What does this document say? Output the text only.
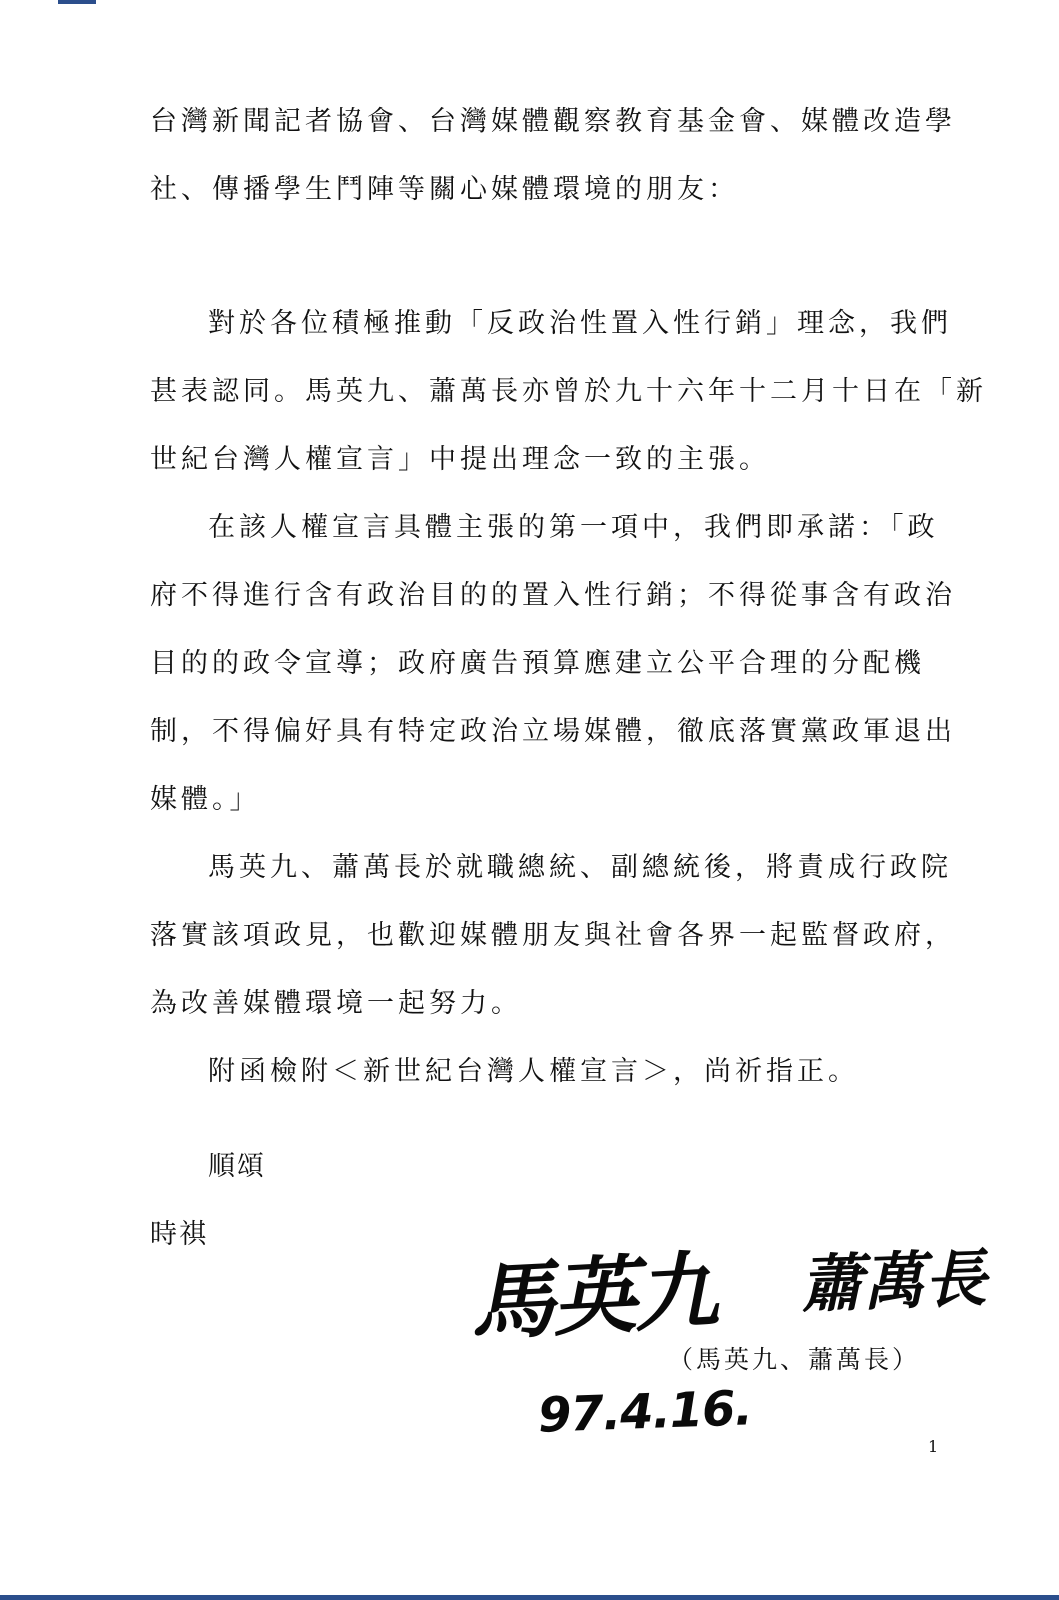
台灣新聞記者協會、台灣媒體觀察教育基金會、媒體改造學
社、傳播學生鬥陣等關心媒體環境的朋友：
對於各位積極推動「反政治性置入性行銷」理念，我們
甚表認同。馬英九、蕭萬長亦曾於九十六年十二月十日在「新
世紀台灣人權宣言」中提出理念一致的主張。
在該人權宣言具體主張的第一項中，我們即承諾：「政
府不得進行含有政治目的的置入性行銷；不得從事含有政治
目的的政令宣導；政府廣告預算應建立公平合理的分配機
制，不得偏好具有特定政治立場媒體，徹底落實黨政軍退出
媒體。」
馬英九、蕭萬長於就職總統、副總統後，將責成行政院
落實該項政見，也歡迎媒體朋友與社會各界一起監督政府，
為改善媒體環境一起努力。
附函檢附＜新世紀台灣人權宣言＞，尚祈指正。
順頌
時祺
馬英九 蕭萬長
（馬英九、蕭萬長）
97.4.16.
1
